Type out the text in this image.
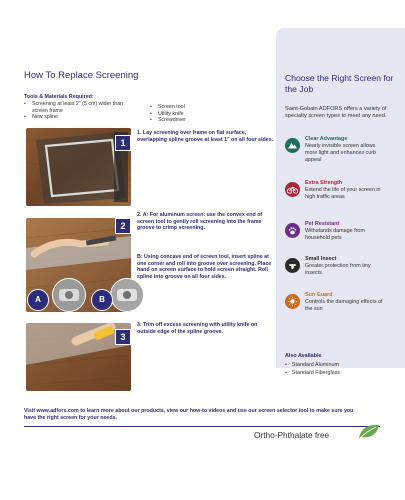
Choose the Right Screen for the Job
Saint-Gobain ADFORS offers a variety of specialty screen types to meet any need.
Clear Advantage
Nearly invisible screen allows more light and enhances curb appeal
Extra Strength
Extend the life of your screen in high traffic areas
Pet Resistant
Withstands damage from household pets
Small Insect
Greater protection from tiny insects
Sun Guard
Controls the damaging effects of the sun
Also Available
• Standard Aluminum
• Standard Fiberglass
How To Replace Screening
Tools & Materials Required:
• Screening at least 2" (5 cm) wider than screen frame
• New spline
• Screen tool
• Utility knife
• Screwdriver
1
2
A	B
3
1. Lay screening over frame on flat surface, overlapping spline groove at least 1" on all four sides.
2. A: For aluminum screen: use the convex end of screen tool to gently roll screening into the frame groove to crimp screening.
B: Using concave end of screen tool, insert spline at one corner and roll into groove over screening. Place hand on screen surface to hold screen straight. Roll spline into groove on all four sides.
3. Trim off excess screening with utility knife on outside edge of the spline groove.
Visit www.adfors.com to learn more about our products, view our how-to videos and use our screen selector tool to make sure you have the right screen for your needs.
Ortho-Phthalate free
